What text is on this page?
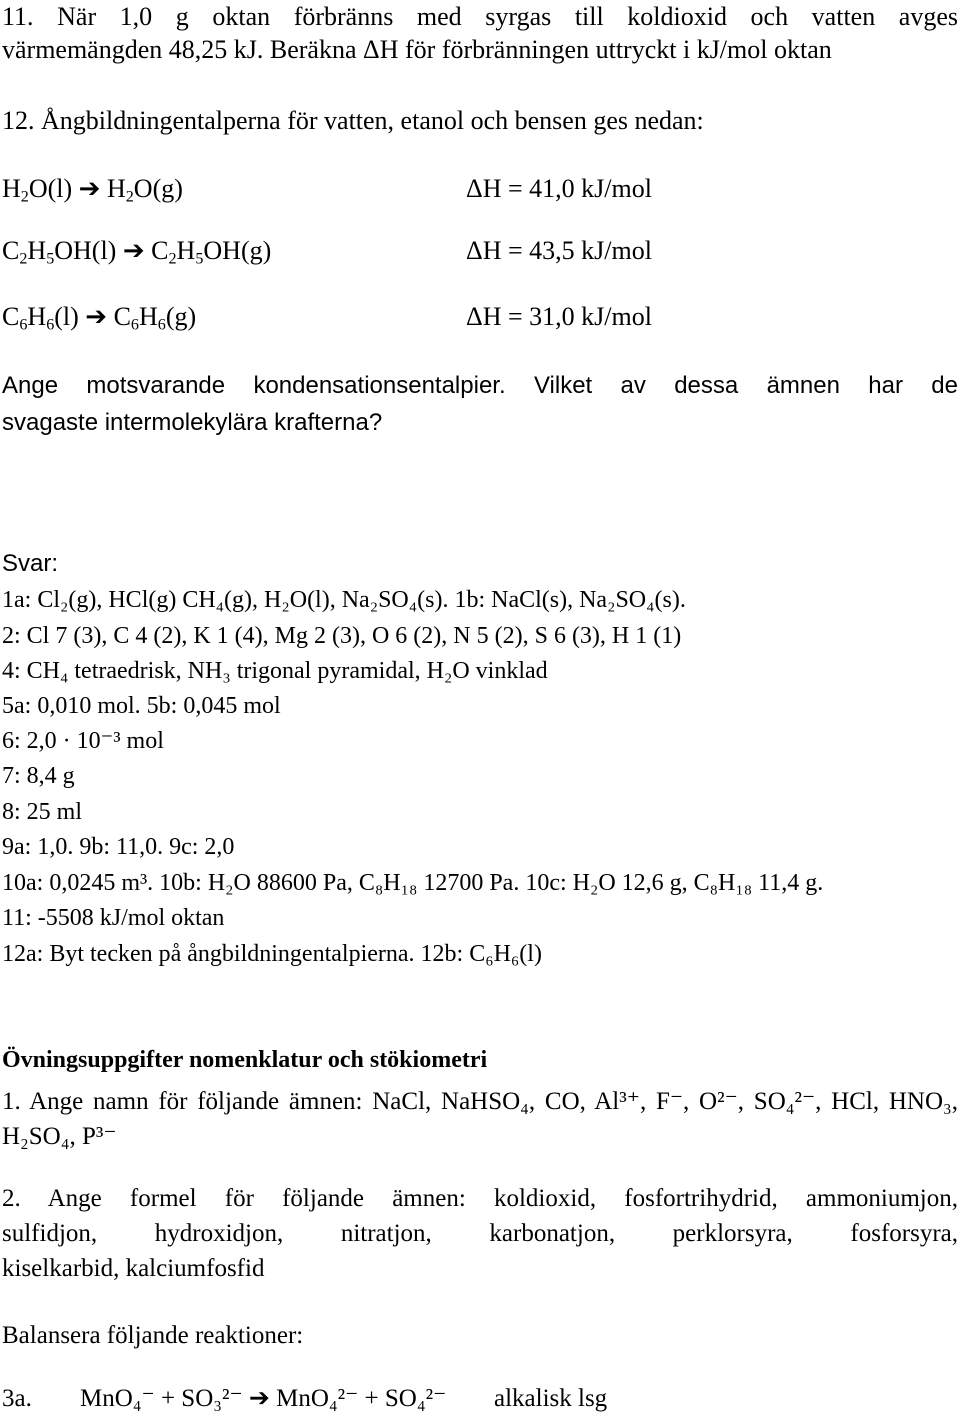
11. När 1,0 g oktan förbränns med syrgas till koldioxid och vatten avges
värmemängden 48,25 kJ. Beräkna ΔH för förbränningen uttryckt i kJ/mol oktan
12. Ångbildningentalperna för vatten, etanol och bensen ges nedan:
$H_2O(l)$ ➔ $H_2O(g)$	ΔH = 41,0 kJ/mol
$C_2H_5OH(l)$ ➔ $C_2H_5OH(g)$	ΔH = 43,5 kJ/mol
$C_6H_6(l)$ ➔ $C_6H_6(g)$	ΔH = 31,0 kJ/mol
Ange motsvarande kondensationsentalpier. Vilket av dessa ämnen har de
svagaste intermolekylära krafterna?
Svar:
1a: Cl₂(g), HCl(g) CH₄(g), H₂O(l), Na₂SO₄(s). 1b: NaCl(s), Na₂SO₄(s).
2: Cl 7 (3), C 4 (2), K 1 (4), Mg 2 (3), O 6 (2), N 5 (2), S 6 (3), H 1 (1)
4: CH₄ tetraedrisk, NH₃ trigonal pyramidal, H₂O vinklad
5a: 0,010 mol. 5b: 0,045 mol
6: 2,0 · 10⁻³ mol
7: 8,4 g
8: 25 ml
9a: 1,0. 9b: 11,0. 9c: 2,0
10a: 0,0245 m³. 10b: H₂O 88600 Pa, C₈H₁₈ 12700 Pa. 10c: H₂O 12,6 g, C₈H₁₈ 11,4 g.
11: -5508 kJ/mol oktan
12a: Byt tecken på ångbildningentalpierna. 12b: C₆H₆(l)
Övningsuppgifter nomenklatur och stökiometri
1. Ange namn för följande ämnen: NaCl, NaHSO₄, CO, Al³⁺, F⁻, O²⁻, SO₄²⁻, HCl, HNO₃, H₂SO₄, P³⁻
2. Ange formel för följande ämnen: koldioxid, fosfortrihydrid, ammoniumjon,
sulfidjon, hydroxidjon, nitratjon, karbonatjon, perklorsyra, fosforsyra,
kiselkarbid, kalciumfosfid
Balansera följande reaktioner:
3a. MnO₄⁻ + SO₃²⁻ ➔ MnO₄²⁻ + SO₄²⁻ alkalisk lsg
